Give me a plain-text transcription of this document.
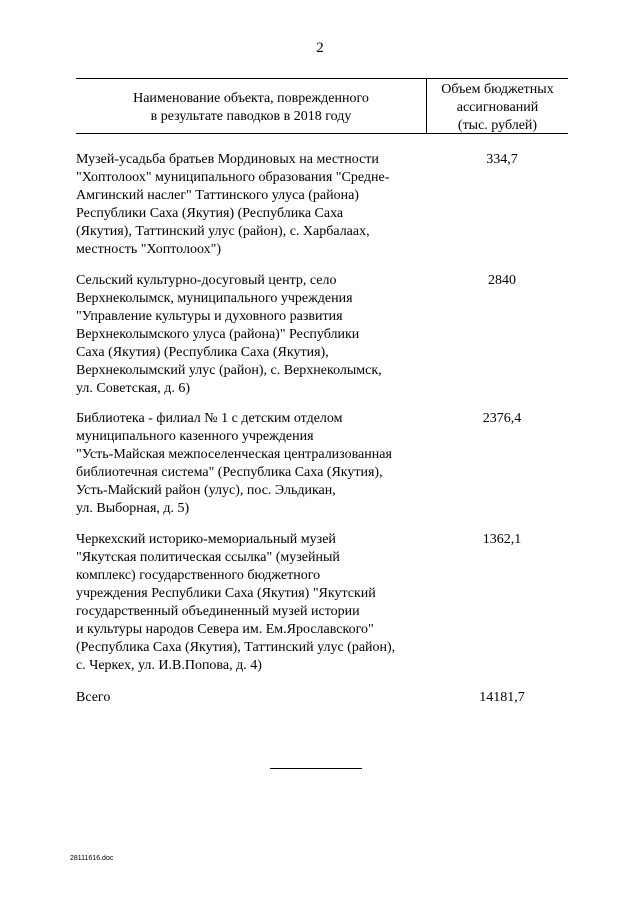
2
Наименование объекта, поврежденного
в результате паводков в 2018 году
Объем бюджетных
ассигнований
(тыс. рублей)
Музей-усадьба братьев Мординовых на местности
"Хоптолоох" муниципального образования "Средне-
Амгинский наслег" Таттинского улуса (района)
Республики Саха (Якутия) (Республика Саха
(Якутия), Таттинский улус (район), с. Харбалаах,
местность "Хоптолоох")
334,7
Сельский культурно-досуговый центр, село
Верхнеколымск, муниципального учреждения
"Управление культуры и духовного развития
Верхнеколымского улуса (района)" Республики
Саха (Якутия) (Республика Саха (Якутия),
Верхнеколымский улус (район), с. Верхнеколымск,
ул. Советская, д. 6)
2840
Библиотека - филиал № 1 с детским отделом
муниципального казенного учреждения
"Усть-Майская межпоселенческая централизованная
библиотечная система" (Республика Саха (Якутия),
Усть-Майский район (улус), пос. Эльдикан,
ул. Выборная, д. 5)
2376,4
Черкехский историко-мемориальный музей
"Якутская политическая ссылка" (музейный
комплекс) государственного бюджетного
учреждения Республики Саха (Якутия) "Якутский
государственный объединенный музей истории
и культуры народов Севера им. Ем.Ярославского"
(Республика Саха (Якутия), Таттинский улус (район),
с. Черкех, ул. И.В.Попова, д. 4)
1362,1
Всего	14181,7
28111616.doc
